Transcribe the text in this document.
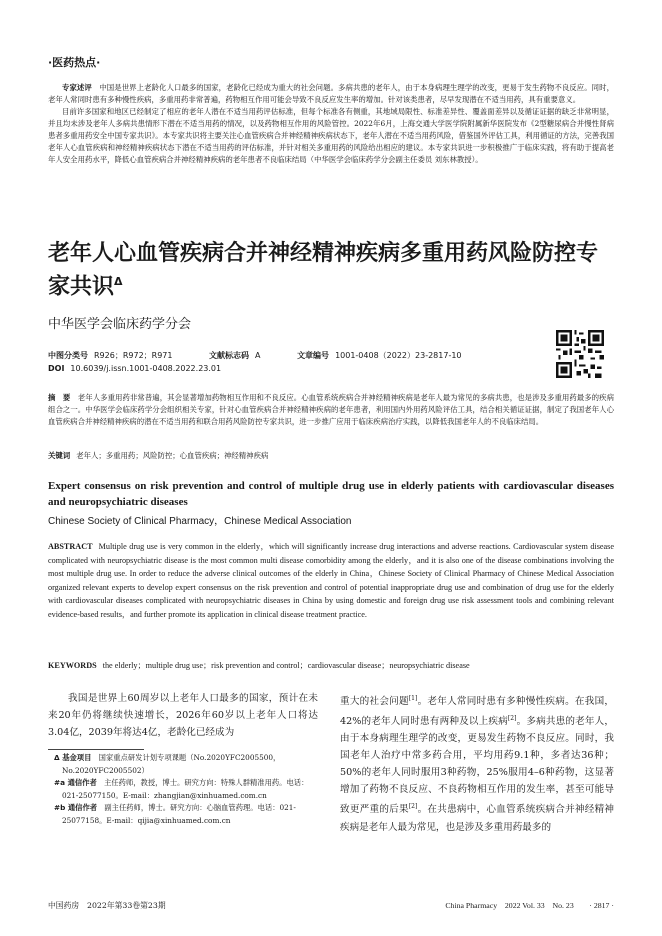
·医药热点·

专家述评　 中国是世界上老龄化人口最多的国家，老龄化已经成为重大的社会问题。多病共患的老年人，由于本身病理生理学的改变，更易于发生药物不良反应。同时，老年人常同时患有多种慢性疾病，多重用药非常普遍，药物相互作用可能会导致不良反应发生率的增加。针对该类患者，尽早发现潜在不适当用药，具有重要意义。

目前许多国家和地区已经制定了相应的老年人潜在不适当用药评估标准，但每个标准各有侧重，其地域局限性、标准差异性、覆盖面差异以及循证证据的缺乏非常明显，并且均未涉及老年人多病共患情形下潜在不适当用药的情况，以及药物相互作用的风险管控。2022年6月，上海交通大学医学院附属新华医院发布《2型糖尿病合并慢性肾病患者多重用药安全中国专家共识》。本专家共识将主要关注心血管疾病合并神经精神疾病状态下，老年人潜在不适当用药风险，借鉴国外评估工具，利用循证的方法，完善我国老年人心血管疾病和神经精神疾病状态下潜在不适当用药的评估标准，并针对相关多重用药的风险给出相应的建议。本专家共识进一步积极推广于临床实践，将有助于提高老年人安全用药水平，降低心血管疾病合并神经精神疾病的老年患者不良临床结局（中华医学会临床药学分会副主任委员 刘东林教授）。

老年人心血管疾病合并神经精神疾病多重用药风险防控专家共识$^\Delta$
中华医学会临床药学分会
中图分类号 R926；R972；R971	文献标志码 A	文章编号 1001-0408（2022）23-2817-10
DOI 10.6039/j.issn.1001-0408.2022.23.01
摘　要　 老年人多重用药非常普遍，其会显著增加药物相互作用和不良反应。心血管系统疾病合并神经精神疾病是老年人最为常见的多病共患，也是涉及多重用药最多的疾病组合之一。中华医学会临床药学分会组织相关专家，针对心血管疾病合并神经精神疾病的老年患者，利用国内外用药风险评估工具，结合相关循证证据，制定了我国老年人心血管疾病合并神经精神疾病的潜在不适当用药和联合用药风险防控专家共识，进一步推广应用于临床疾病治疗实践，以降低我国老年人的不良临床结局。
关键词 老年人；多重用药；风险防控；心血管疾病；神经精神疾病
Expert consensus on risk prevention and control of multiple drug use in elderly patients with cardiovascular diseases and neuropsychiatric diseases
Chinese Society of Clinical Pharmacy，Chinese Medical Association
ABSTRACT Multiple drug use is very common in the elderly，which will significantly increase drug interactions and adverse reactions. Cardiovascular system disease complicated with neuropsychiatric disease is the most common multi disease comorbidity among the elderly，and it is also one of the disease combinations involving the most multiple drug use. In order to reduce the adverse clinical outcomes of the elderly in China，Chinese Society of Clinical Pharmacy of Chinese Medical Association organized relevant experts to develop expert consensus on the risk prevention and control of potential inappropriate drug use and combination of drug use for the elderly with cardiovascular diseases complicated with neuropsychiatric diseases in China by using domestic and foreign drug use risk assessment tools and combining relevant evidence-based results，and further promote its application in clinical disease treatment practice.
KEYWORDS the elderly；multiple drug use；risk prevention and control；cardiovascular disease；neuropsychiatric disease

我国是世界上60周岁以上老年人口最多的国家，预计在未来20年仍将继续快速增长，2026年60岁以上老年人口将达3.04亿，2039年将达4亿，老龄化已经成为

Δ 基金项目　 国家重点研发计划专项课题（No.2020YFC2005500，No.2020YFC2005502）

#a 通信作者　 主任药师，教授，博士。研究方向：特殊人群精准用药。电话：021-25077150。E-mail：zhangjian@xinhuamed.com.cn

#b 通信作者　 副主任药师，博士。研究方向：心脑血管药理。电话：021-25077158。E-mail：qijia@xinhuamed.com.cn

重大的社会问题[1]。老年人常同时患有多种慢性疾病。在我国，42%的老年人同时患有两种及以上疾病[2]。多病共患的老年人，由于本身病理生理学的改变，更易发生药物不良反应。同时，我国老年人治疗中常多药合用，平均用药9.1种，多者达36种；50%的老年人同时服用3种药物，25%服用4–6种药物，这显著增加了药物不良反应、不良药物相互作用的发生率，甚至可能导致更严重的后果[2]。在共患病中，心血管系统疾病合并神经精神疾病是老年人最为常见，也是涉及多重用药最多的

中国药房　2022年第33卷第23期	China Pharmacy　2022 Vol. 33　No. 23　　· 2817 ·
